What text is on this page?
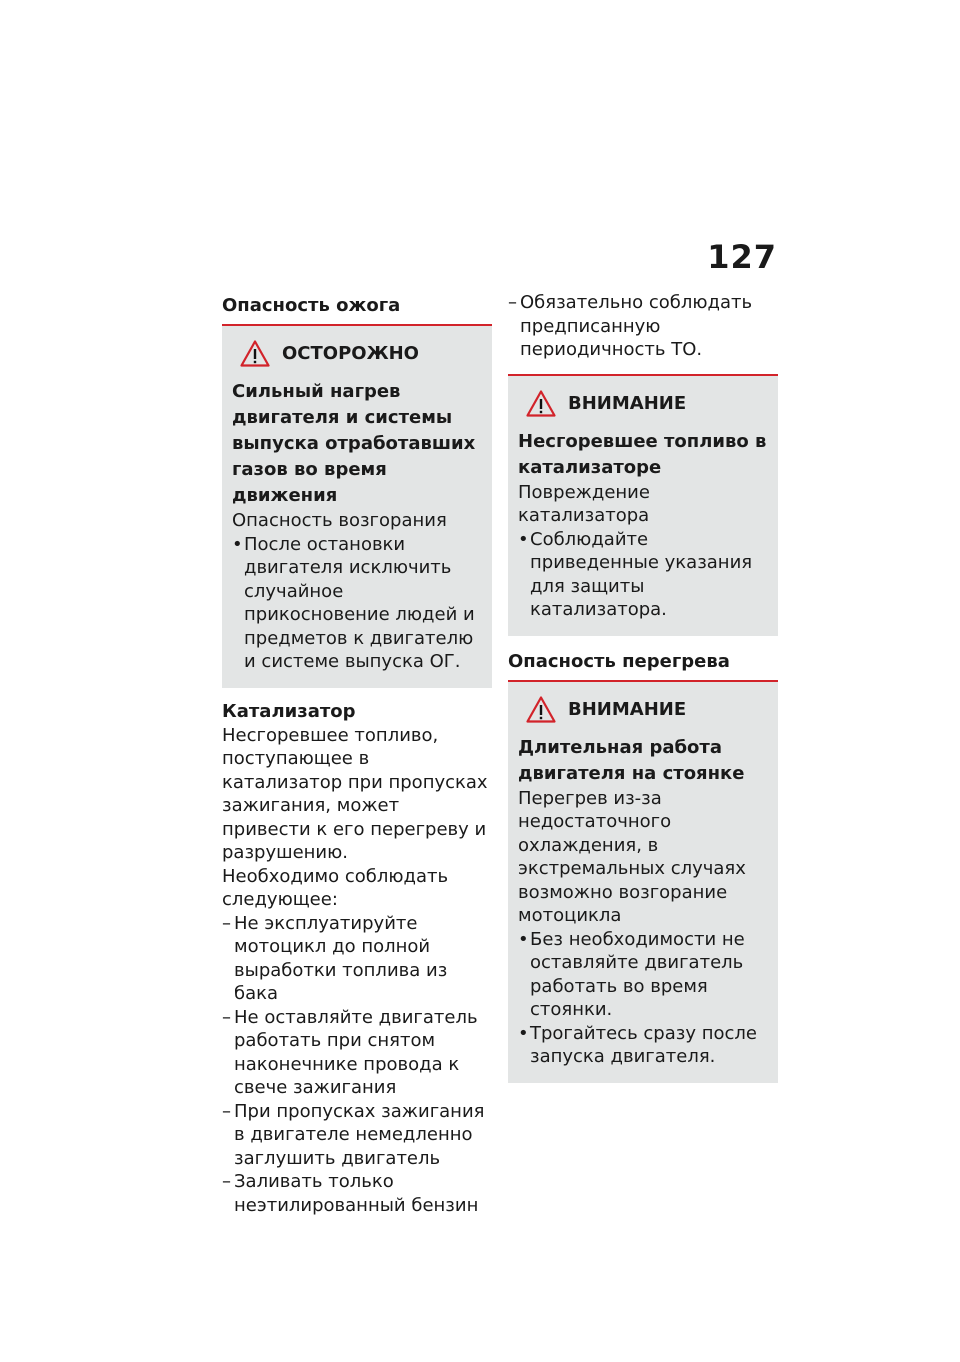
127
Опасность ожога
ОСТОРОЖНО
Сильный нагрев двигателя и системы выпуска отработавших газов во время движения
Опасность возгорания
• После остановки двигателя исключить случайное прикосновение людей и предметов к двигателю и системе выпуска ОГ.
Катализатор
Несгоревшее топливо, поступающее в катализатор при пропусках зажигания, может привести к его перегреву и разрушению.
Необходимо соблюдать следующее:
– Не эксплуатируйте мотоцикл до полной выработки топлива из бака
– Не оставляйте двигатель работать при снятом наконечнике провода к свече зажигания
– При пропусках зажигания в двигателе немедленно заглушить двигатель
– Заливать только неэтилированный бензин
– Обязательно соблюдать предписанную периодичность ТО.
ВНИМАНИЕ
Несгоревшее топливо в катализаторе
Повреждение катализатора
• Соблюдайте приведенные указания для защиты катализатора.
Опасность перегрева
ВНИМАНИЕ
Длительная работа двигателя на стоянке
Перегрев из-за недостаточного охлаждения, в экстремальных случаях возможно возгорание мотоцикла
• Без необходимости не оставляйте двигатель работать во время стоянки.
• Трогайтесь сразу после запуска двигателя.
